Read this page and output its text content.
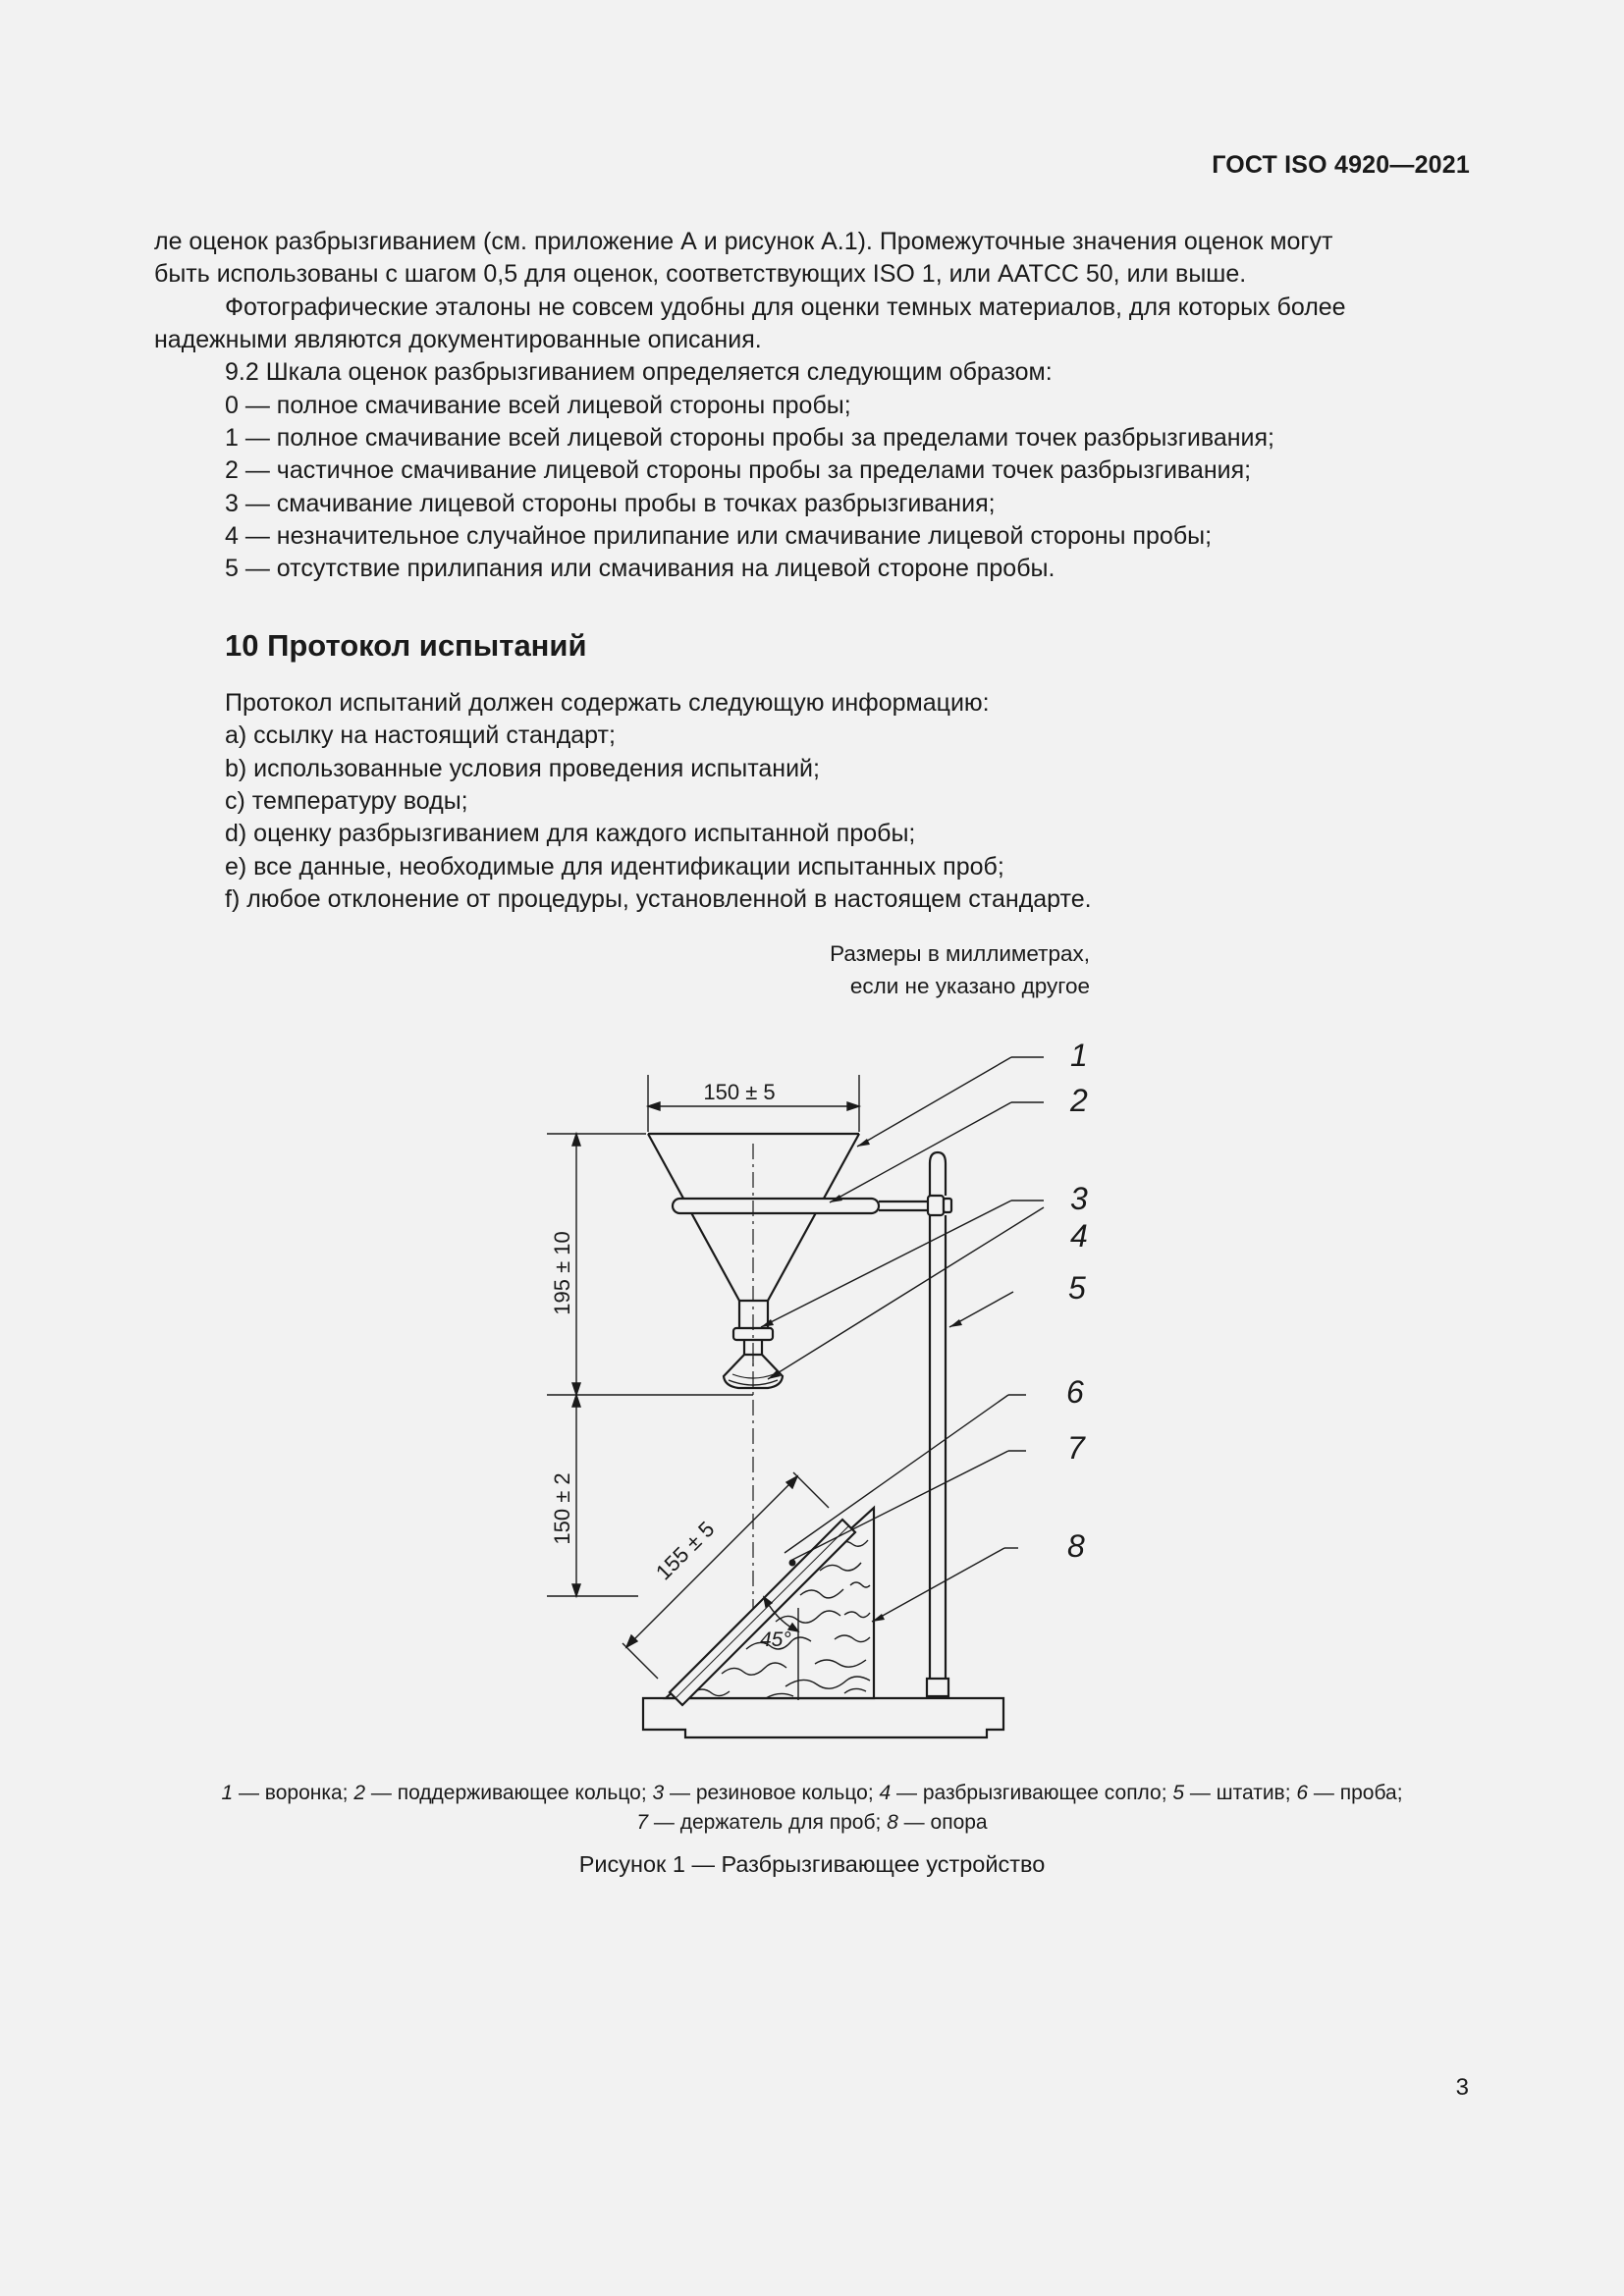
ГОСТ ISO 4920—2021
ле оценок разбрызгиванием (см. приложение А и рисунок А.1). Промежуточные значения оценок могут
быть использованы с шагом 0,5 для оценок, соответствующих ISO 1, или AATCC 50, или выше.
Фотографические эталоны не совсем удобны для оценки темных материалов, для которых более
надежными являются документированные описания.
9.2 Шкала оценок разбрызгиванием определяется следующим образом:
0 — полное смачивание всей лицевой стороны пробы;
1 — полное смачивание всей лицевой стороны пробы за пределами точек разбрызгивания;
2 — частичное смачивание лицевой стороны пробы за пределами точек разбрызгивания;
3 — смачивание лицевой стороны пробы в точках разбрызгивания;
4 — незначительное случайное прилипание или смачивание лицевой стороны пробы;
5 — отсутствие прилипания или смачивания на лицевой стороне пробы.
10 Протокол испытаний
Протокол испытаний должен содержать следующую информацию:
a) ссылку на настоящий стандарт;
b) использованные условия проведения испытаний;
c) температуру воды;
d) оценку разбрызгиванием для каждого испытанной пробы;
e) все данные, необходимые для идентификации испытанных проб;
f) любое отклонение от процедуры, установленной в настоящем стандарте.
Размеры в миллиметрах,
если не указано другое
150 ± 5
195 ± 10
150 ± 2
155 ± 5
45°
1
2
3
4
5
6
7
8
1 — воронка; 2 — поддерживающее кольцо; 3 — резиновое кольцо; 4 — разбрызгивающее сопло; 5 — штатив; 6 — проба;
7 — держатель для проб; 8 — опора
Рисунок 1 — Разбрызгивающее устройство
3
